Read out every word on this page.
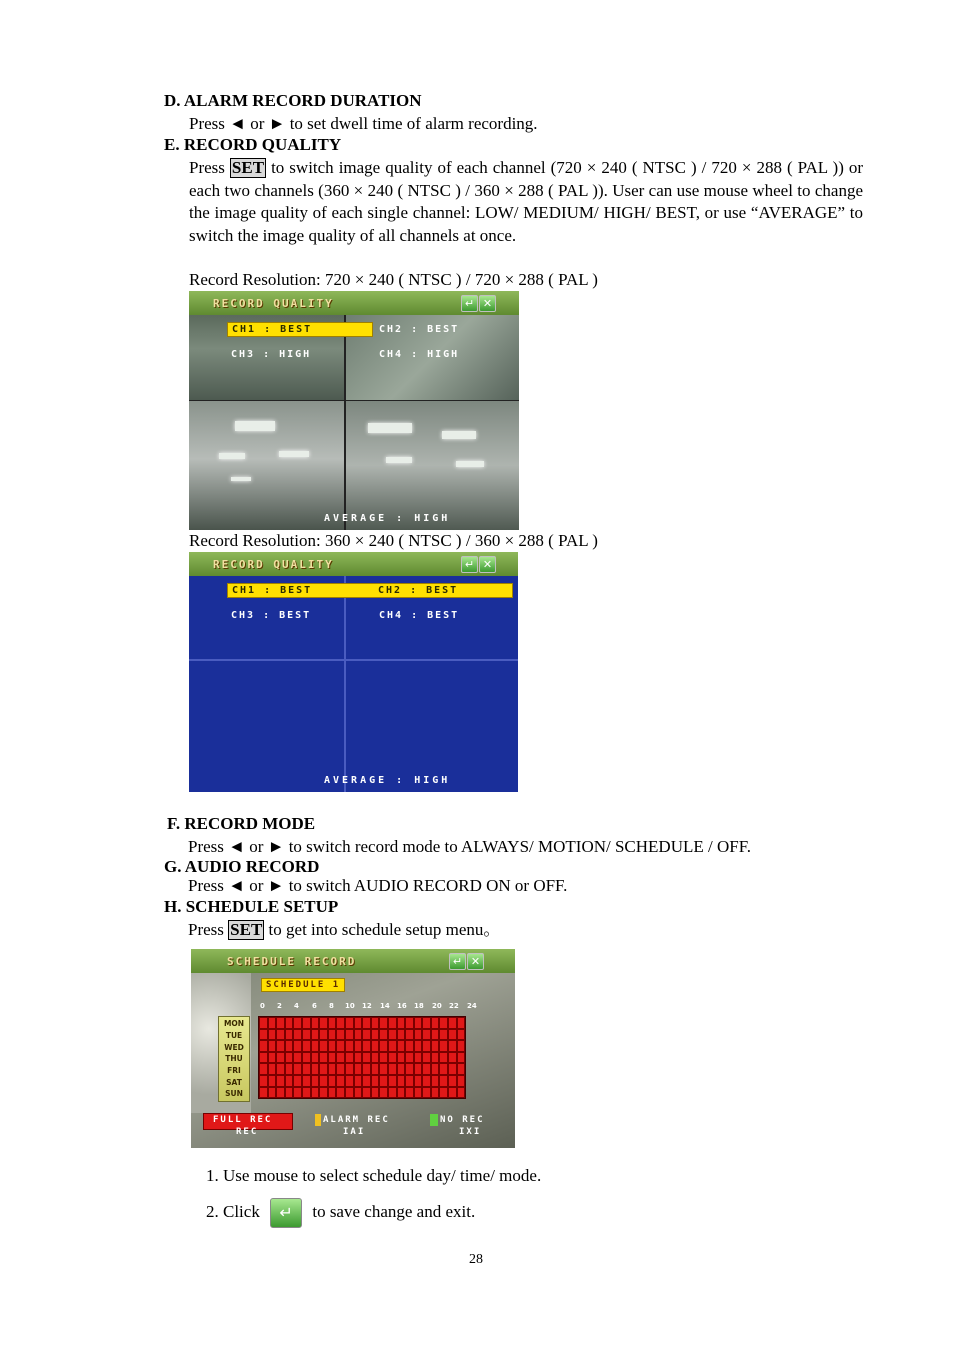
D. ALARM RECORD DURATION
Press ◄ or ► to set dwell time of alarm recording.
E. RECORD QUALITY
Press SET to switch image quality of each channel (720 × 240 ( NTSC ) / 720 × 288 ( PAL )) or each two channels (360 × 240 ( NTSC ) / 360 × 288 ( PAL )). User can use mouse wheel to change the image quality of each single channel: LOW/ MEDIUM/ HIGH/ BEST, or use “AVERAGE” to switch the image quality of all channels at once.
Record Resolution: 720 × 240 ( NTSC ) / 720 × 288 ( PAL )
RECORD QUALITY	↵ ✕
CH1 : BEST	CH2 : BEST
CH3 : HIGH	CH4 : HIGH
AVERAGE : HIGH
Record Resolution: 360 × 240 ( NTSC ) / 360 × 288 ( PAL )
RECORD QUALITY	↵ ✕
CH1 : BEST	CH2 : BEST
CH3 : BEST	CH4 : BEST
AVERAGE : HIGH
F. RECORD MODE
Press ◄ or ► to switch record mode to ALWAYS/ MOTION/ SCHEDULE / OFF.
G. AUDIO RECORD
Press ◄ or ► to switch AUDIO RECORD ON or OFF.
H. SCHEDULE SETUP
Press SET to get into schedule setup menu。
SCHEDULE RECORD	↵ ✕
SCHEDULE 1
0 2 4 6 8 10 12 14 16 18 20 22 24
MON
TUE
WED
THU
FRI
SAT
SUN
FULL REC
REC
ALARM REC
IAI
NO REC
IXI
1. Use mouse to select schedule day/ time/ mode.
2. Click ↵ to save change and exit.
28
